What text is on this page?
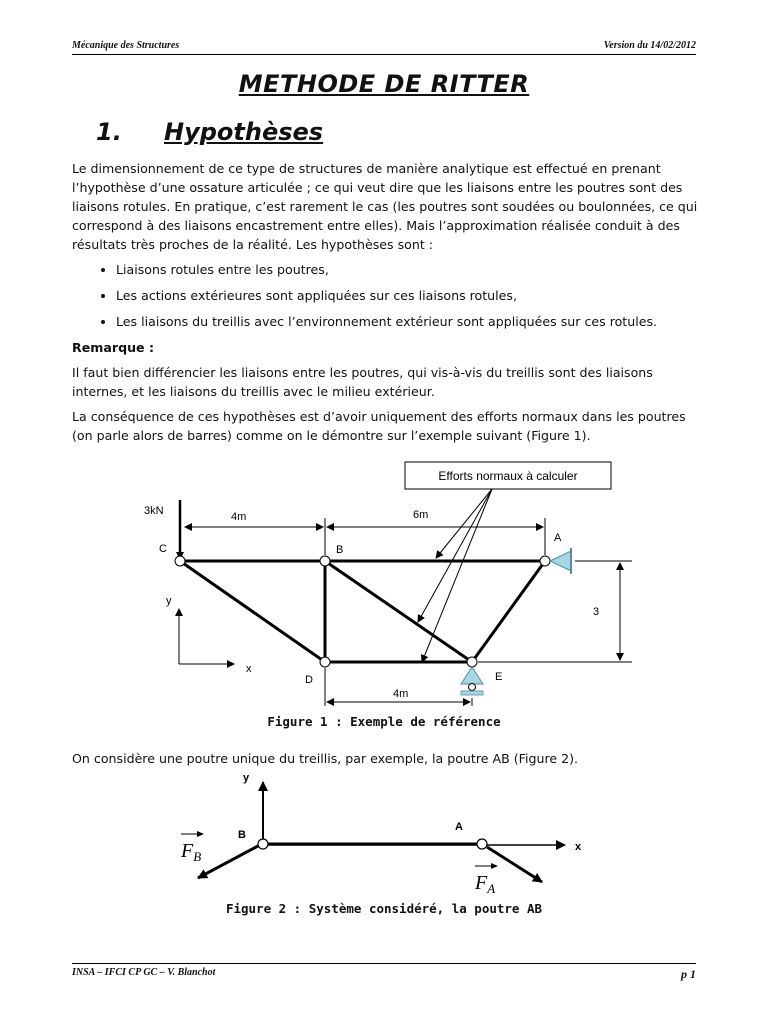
Mécanique des Structures	Version du 14/02/2012
METHODE DE RITTER
1. Hypothèses

Le dimensionnement de ce type de structures de manière analytique est effectué en prenant l’hypothèse d’une ossature articulée ; ce qui veut dire que les liaisons entre les poutres sont des liaisons rotules. En pratique, c’est rarement le cas (les poutres sont soudées ou boulonnées, ce qui correspond à des liaisons encastrement entre elles). Mais l’approximation réalisée conduit à des résultats très proches de la réalité. Les hypothèses sont :

• Liaisons rotules entre les poutres,
• Les actions extérieures sont appliquées sur ces liaisons rotules,
• Les liaisons du treillis avec l’environnement extérieur sont appliquées sur ces rotules.

Remarque :

Il faut bien différencier les liaisons entre les poutres, qui vis-à-vis du treillis sont des liaisons internes, et les liaisons du treillis avec le milieu extérieur.

La conséquence de ces hypothèses est d’avoir uniquement des efforts normaux dans les poutres (on parle alors de barres) comme on le démontre sur l’exemple suivant (Figure 1).

Efforts normaux à calculer
3kN	4m	6m
3
4m
C	B
A
D	E
y
x
Figure 1 : Exemple de référence
On considère une poutre unique du treillis, par exemple, la poutre AB (Figure 2).
y
x
B
A
$F_B$
$F_A$
Figure 2 : Système considéré, la poutre AB
INSA – IFCI CP GC – V. Blanchot	p 1
